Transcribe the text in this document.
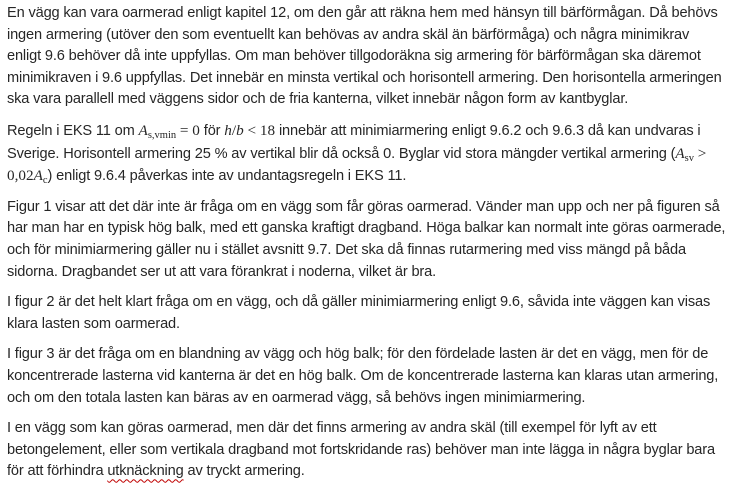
En vägg kan vara oarmerad enligt kapitel 12, om den går att räkna hem med hänsyn till bärförmågan. Då behövs ingen armering (utöver den som eventuellt kan behövas av andra skäl än bärförmåga) och några minimikrav enligt 9.6 behöver då inte uppfyllas. Om man behöver tillgodoräkna sig armering för bärförmågan ska däremot minimikraven i 9.6 uppfyllas. Det innebär en minsta vertikal och horisontell armering. Den horisontella armeringen ska vara parallell med väggens sidor och de fria kanterna, vilket innebär någon form av kantbyglar.
Regeln i EKS 11 om $A_{s,vmin} = 0$ för h/b < 18 innebär att minimiarmering enligt 9.6.2 och 9.6.3 då kan undvaras i Sverige. Horisontell armering 25 % av vertikal blir då också 0. Byglar vid stora mängder vertikal armering $(A_{sv} > 0,02A_c)$ enligt 9.6.4 påverkas inte av undantagsregeln i EKS 11.
Figur 1 visar att det där inte är fråga om en vägg som får göras oarmerad. Vänder man upp och ner på figuren så har man har en typisk hög balk, med ett ganska kraftigt dragband. Höga balkar kan normalt inte göras oarmerade, och för minimiarmering gäller nu i stället avsnitt 9.7. Det ska då finnas rutarmering med viss mängd på båda sidorna. Dragbandet ser ut att vara förankrat i noderna, vilket är bra.
I figur 2 är det helt klart fråga om en vägg, och då gäller minimiarmering enligt 9.6, såvida inte väggen kan visas klara lasten som oarmerad.
I figur 3 är det fråga om en blandning av vägg och hög balk; för den fördelade lasten är det en vägg, men för de koncentrerade lasterna vid kanterna är det en hög balk. Om de koncentrerade lasterna kan klaras utan armering, och om den totala lasten kan bäras av en oarmerad vägg, så behövs ingen minimiarmering.
I en vägg som kan göras oarmerad, men där det finns armering av andra skäl (till exempel för lyft av ett betongelement, eller som vertikala dragband mot fortskridande ras) behöver man inte lägga in några byglar bara för att förhindra utknäckning av tryckt armering.
